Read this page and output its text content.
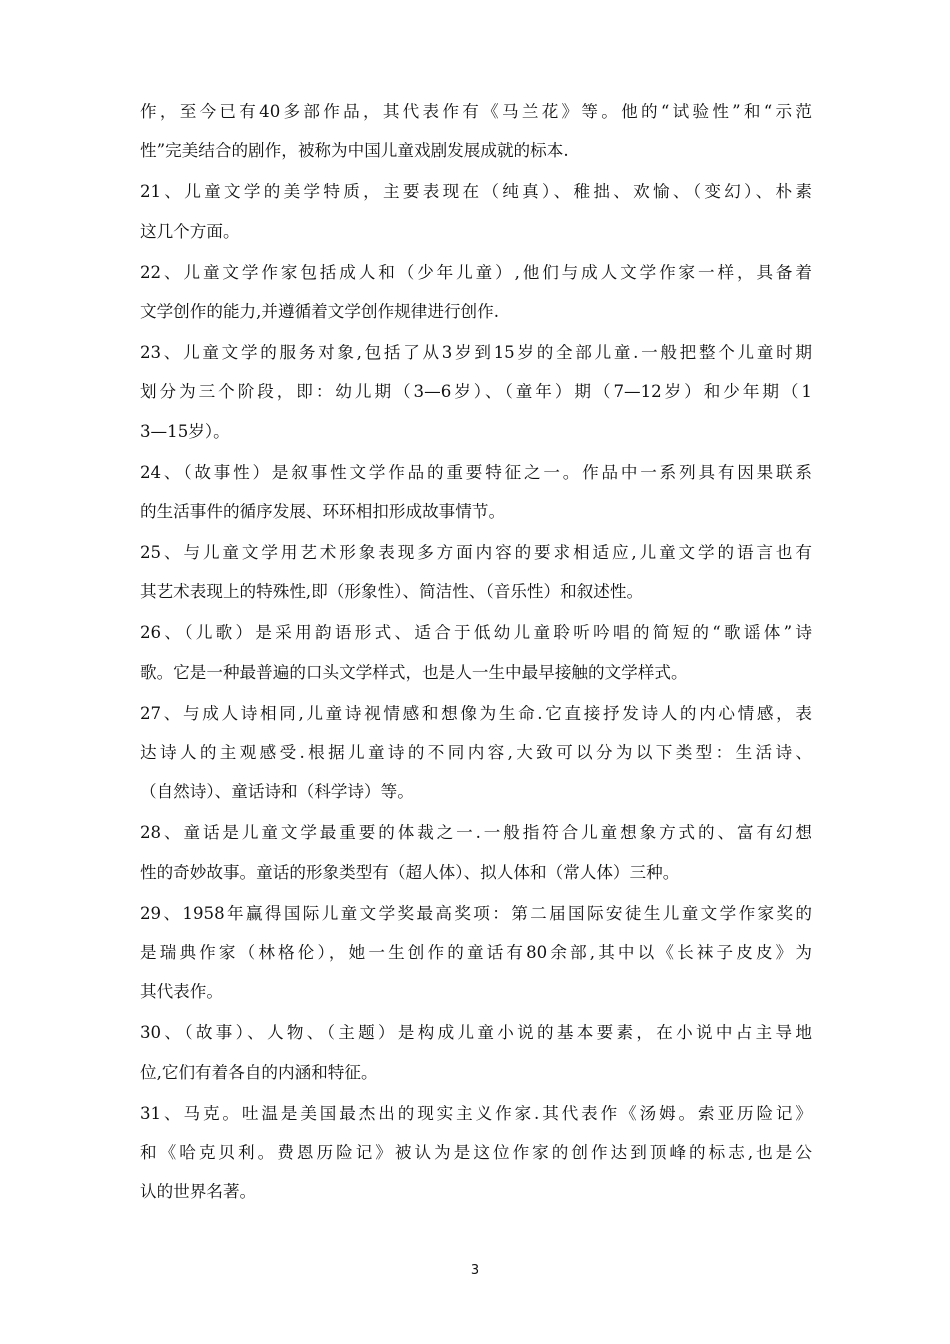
作，至今已有40多部作品，其代表作有《马兰花》等。他的“试验性”和“示范
性”完美结合的剧作，被称为中国儿童戏剧发展成就的标本.
21、儿童文学的美学特质，主要表现在（纯真）、稚拙、欢愉、（变幻）、朴素
这几个方面。
22、儿童文学作家包括成人和（少年儿童）,他们与成人文学作家一样，具备着
文学创作的能力,并遵循着文学创作规律进行创作.
23、儿童文学的服务对象,包括了从3岁到15岁的全部儿童.一般把整个儿童时期
划分为三个阶段，即：幼儿期（3—6岁）、（童年）期（7—12岁）和少年期（1
3—15岁）。
24、（故事性）是叙事性文学作品的重要特征之一。作品中一系列具有因果联系
的生活事件的循序发展、环环相扣形成故事情节。
25、与儿童文学用艺术形象表现多方面内容的要求相适应,儿童文学的语言也有
其艺术表现上的特殊性,即（形象性）、简洁性、（音乐性）和叙述性。
26、（儿歌）是采用韵语形式、适合于低幼儿童聆听吟唱的简短的“歌谣体”诗
歌。它是一种最普遍的口头文学样式，也是人一生中最早接触的文学样式。
27、与成人诗相同,儿童诗视情感和想像为生命.它直接抒发诗人的内心情感，表
达诗人的主观感受.根据儿童诗的不同内容,大致可以分为以下类型：生活诗、
（自然诗）、童话诗和（科学诗）等。
28、童话是儿童文学最重要的体裁之一.一般指符合儿童想象方式的、富有幻想
性的奇妙故事。童话的形象类型有（超人体）、拟人体和（常人体）三种。
29、1958年赢得国际儿童文学奖最高奖项：第二届国际安徒生儿童文学作家奖的
是瑞典作家（林格伦），她一生创作的童话有80余部,其中以《长袜子皮皮》为
其代表作。
30、（故事）、人物、（主题）是构成儿童小说的基本要素，在小说中占主导地
位,它们有着各自的内涵和特征。
31、马克。吐温是美国最杰出的现实主义作家.其代表作《汤姆。索亚历险记》
和《哈克贝利。费恩历险记》被认为是这位作家的创作达到顶峰的标志,也是公
认的世界名著。
3
